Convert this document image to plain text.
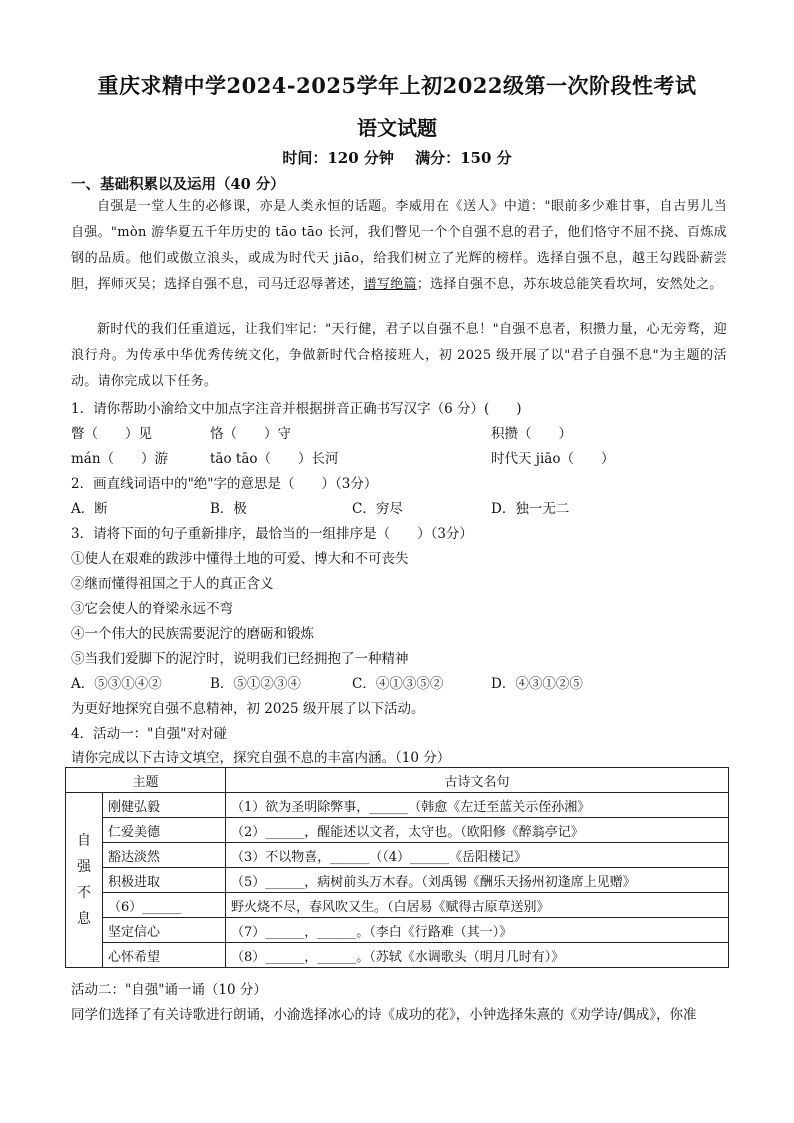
重庆求精中学2024-2025学年上初2022级第一次阶段性考试
语文试题
时间：120 分钟 满分：150 分
一、基础积累以及运用（40 分）
自强是一堂人生的必修课，亦是人类永恒的话题。李威用在《送人》中道："眼前多少难甘事，自古男儿当自强。"mòn 游华夏五千年历史的 tāo tāo 长河，我们瞥见一个个自强不息的君子，他们恪守不屈不挠、百炼成钢的品质。他们或傲立浪头，或成为时代天 jiāo，给我们树立了光辉的榜样。选择自强不息，越王勾践卧薪尝胆，挥师灭吴；选择自强不息，司马迁忍辱著述，谱写绝篇；选择自强不息，苏东坡总能笑看坎坷，安然处之。
新时代的我们任重道远，让我们牢记："天行健，君子以自强不息！"自强不息者，积攒力量，心无旁骛，迎浪行舟。为传承中华优秀传统文化，争做新时代合格接班人，初 2025 级开展了以"君子自强不息"为主题的活动。请你完成以下任务。
1．请你帮助小渝给文中加点字注音并根据拼音正确书写汉字（6 分）(　　)
瞥（　　）见	恪（　　）守	积攒（　　）
mán（　　）游	tāo tāo（　　）长河	时代天 jiāo（　　）
2．画直线词语中的"绝"字的意思是（　　）（3分）
A．断	B．极	C．穷尽	D．独一无二
3．请将下面的句子重新排序，最恰当的一组排序是（　　）（3分）
①使人在艰难的跋涉中懂得土地的可爱、博大和不可丧失
②继而懂得祖国之于人的真正含义
③它会使人的脊梁永远不弯
④一个伟大的民族需要泥泞的磨砺和锻炼
⑤当我们爱脚下的泥泞时，说明我们已经拥抱了一种精神
A．⑤③①④②	B．⑤①②③④	C．④①③⑤②	D．④③①②⑤
为更好地探究自强不息精神，初 2025 级开展了以下活动。
4．活动一："自强"对对碰
请你完成以下古诗文填空，探究自强不息的丰富内涵。（10 分）
主题		古诗文名句

自
强
不
息	刚健弘毅	（1）欲为圣明除弊事，______（韩愈《左迁至蓝关示侄孙湘》
	仁爱美德	（2）______，醒能述以文者，太守也。（欧阳修《醉翁亭记》
	豁达淡然	（3）不以物喜，______（（4）______《岳阳楼记》
	积极进取	（5）______，病树前头万木春。（刘禹锡《酬乐天扬州初逢席上见赠》
	（6）______	野火烧不尽，春风吹又生。（白居易《赋得古原草送别》
	坚定信心	（7）______，______。（李白《行路难（其一）》
	心怀希望	（8）______，______。（苏轼《水调歌头（明月几时有）》
活动二："自强"诵一诵（10 分）
同学们选择了有关诗歌进行朗诵，小渝选择冰心的诗《成功的花》，小钟选择朱熹的《劝学诗/偶成》，你准
